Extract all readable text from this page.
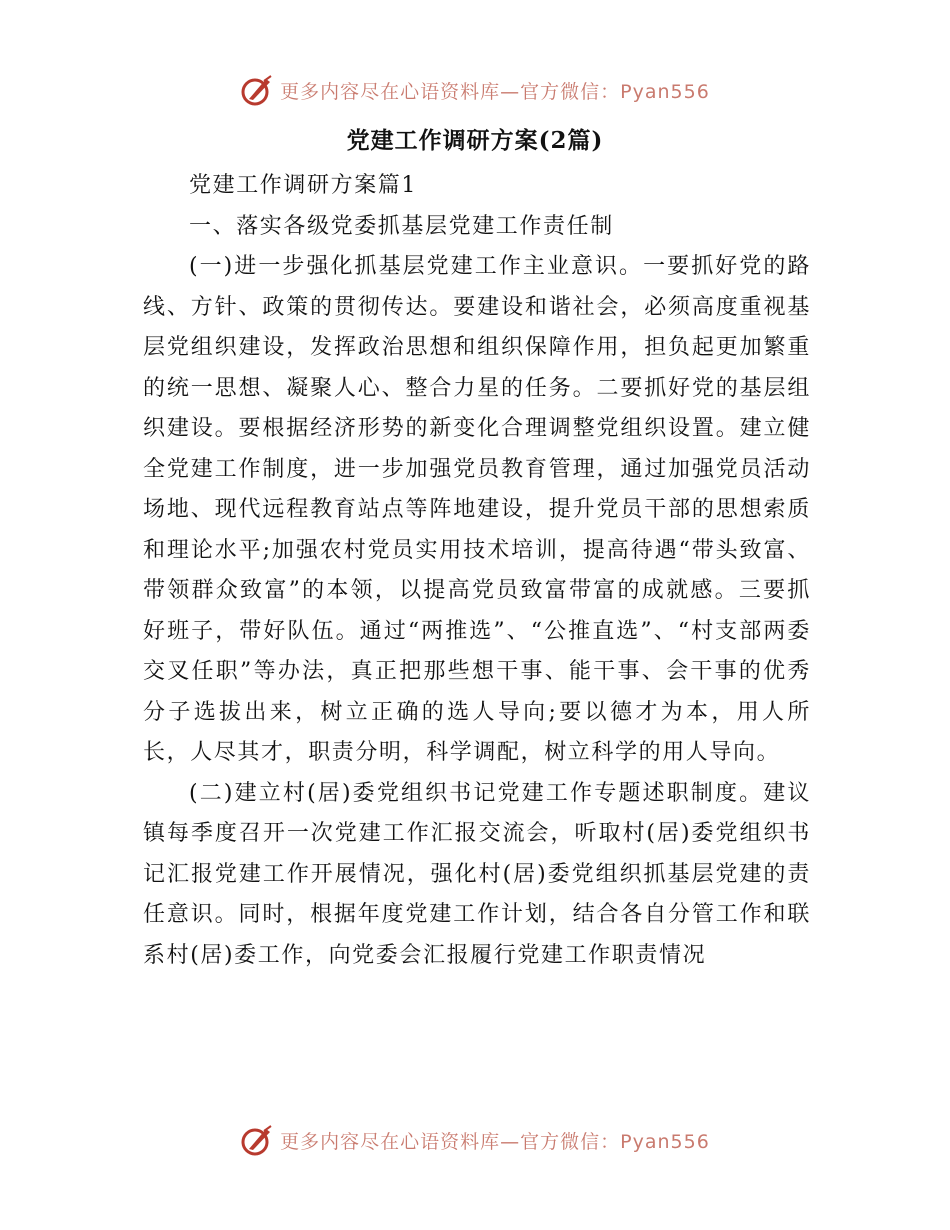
更多内容尽在心语资料库—官方微信：Pyan556
党建工作调研方案(2篇)

党建工作调研方案篇1

一、落实各级党委抓基层党建工作责任制

(一)进一步强化抓基层党建工作主业意识。一要抓好党的路线、方针、政策的贯彻传达。要建设和谐社会，必须高度重视基层党组织建设，发挥政治思想和组织保障作用，担负起更加繁重的统一思想、凝聚人心、整合力星的任务。二要抓好党的基层组织建设。要根据经济形势的新变化合理调整党组织设置。建立健全党建工作制度，进一步加强党员教育管理，通过加强党员活动场地、现代远程教育站点等阵地建设，提升党员干部的思想索质和理论水平;加强农村党员实用技术培训，提高待遇“带头致富、带领群众致富”的本领，以提高党员致富带富的成就感。三要抓好班子，带好队伍。通过“两推选”、“公推直选”、“村支部两委交叉任职”等办法，真正把那些想干事、能干事、会干事的优秀分子选拔出来，树立正确的选人导向;要以德才为本，用人所长，人尽其才，职责分明，科学调配，树立科学的用人导向。

(二)建立村(居)委党组织书记党建工作专题述职制度。建议镇每季度召开一次党建工作汇报交流会，听取村(居)委党组织书记汇报党建工作开展情况，强化村(居)委党组织抓基层党建的责任意识。同时，根据年度党建工作计划，结合各自分管工作和联系村(居)委工作，向党委会汇报履行党建工作职责情况

更多内容尽在心语资料库—官方微信：Pyan556
